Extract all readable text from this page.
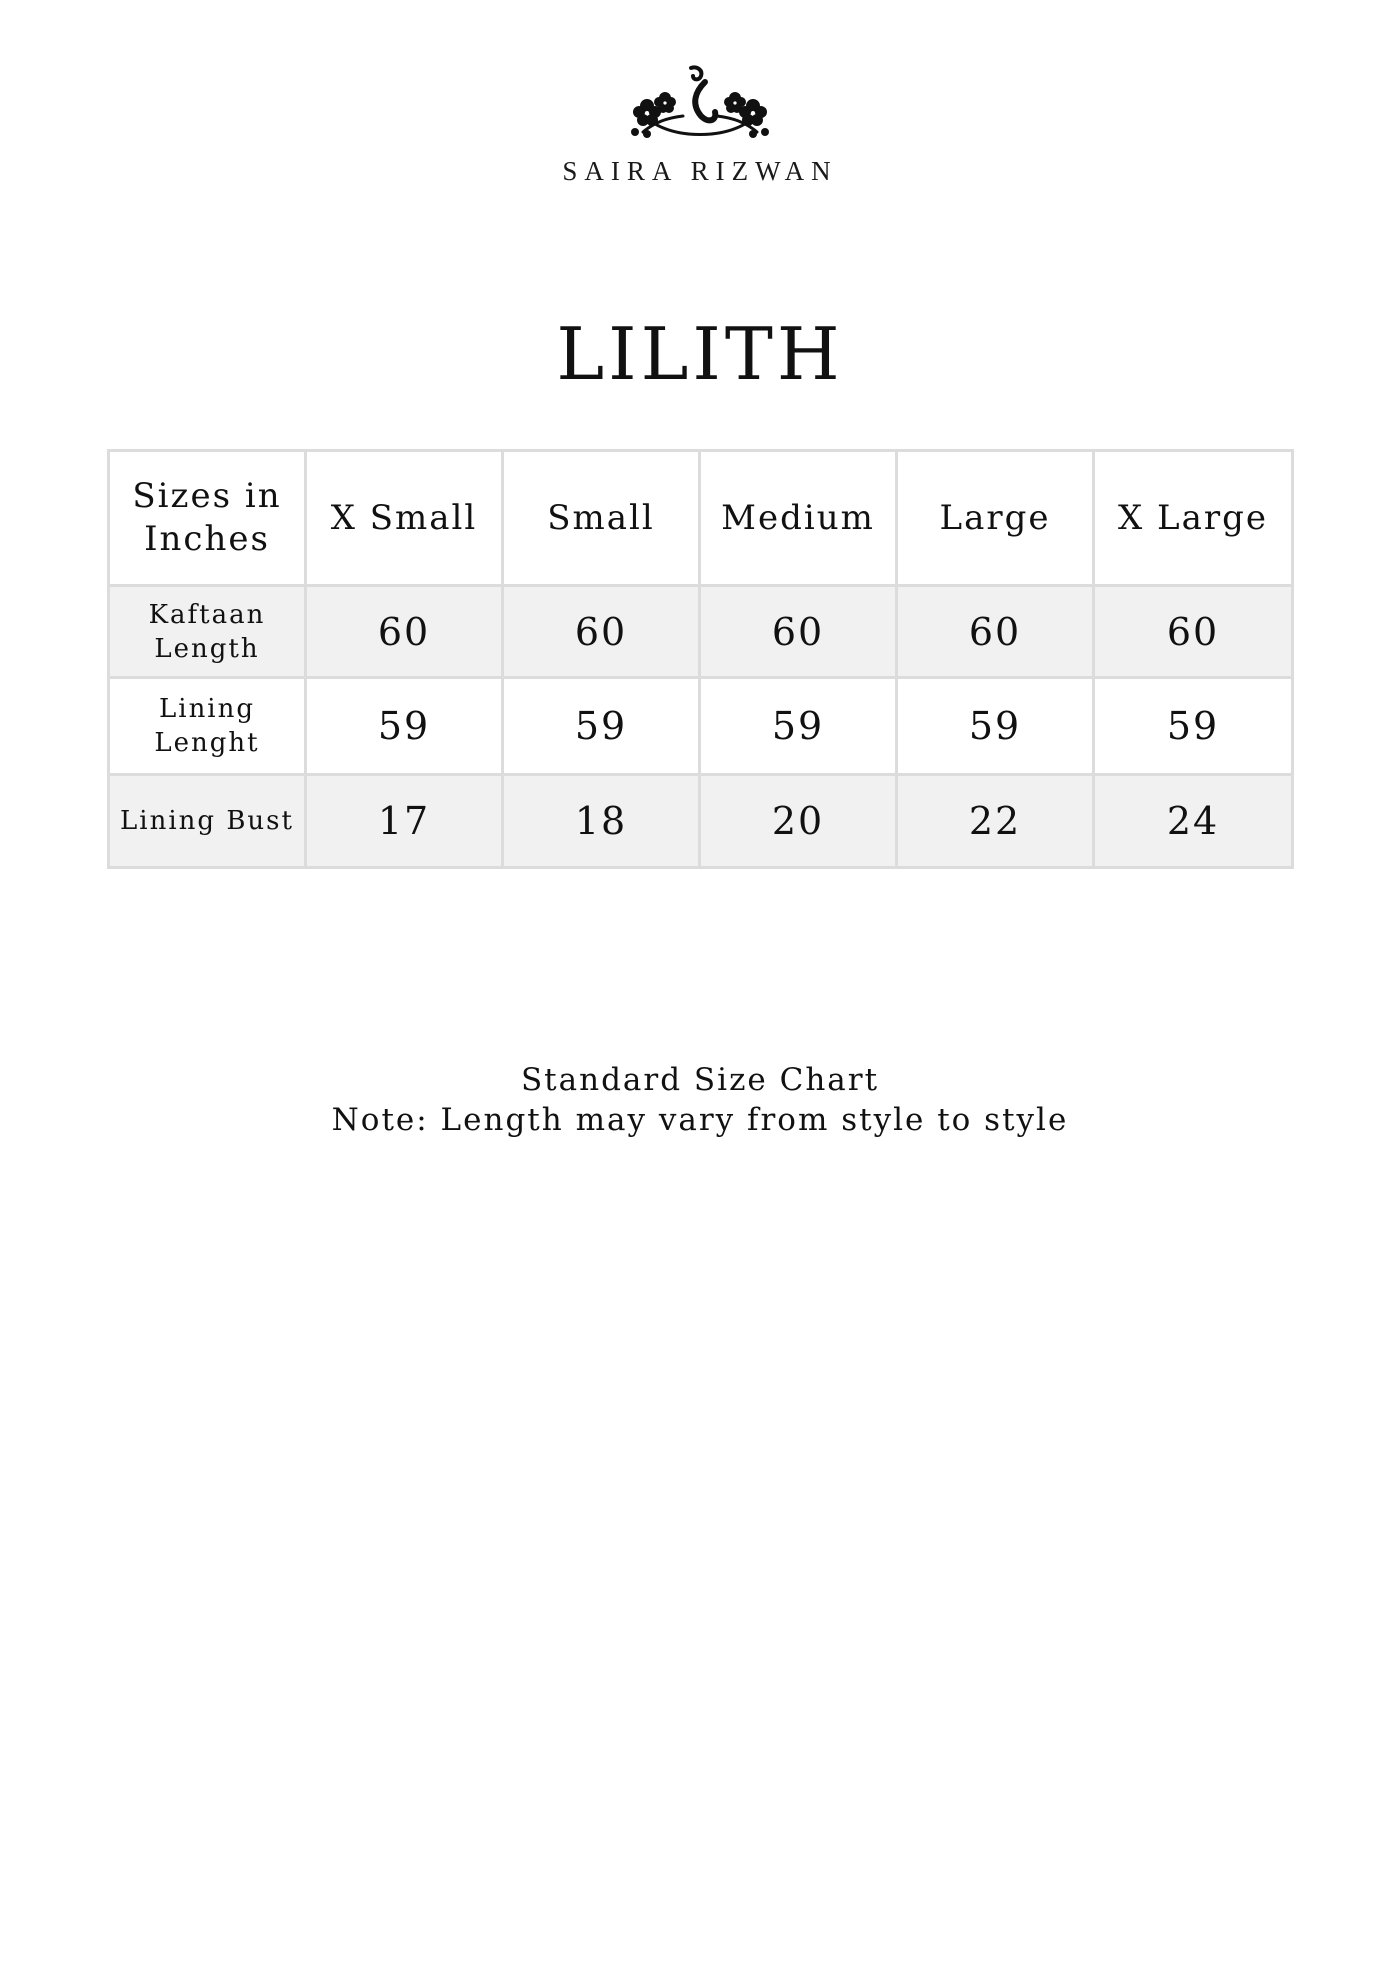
SAIRA RIZWAN
LILITH
Sizes in Inches	X Small	Small	Medium	Large	X Large
Kaftaan Length	60	60	60	60	60
Lining Lenght	59	59	59	59	59
Lining Bust	17	18	20	22	24
Standard Size Chart
Note: Length may vary from style to style
